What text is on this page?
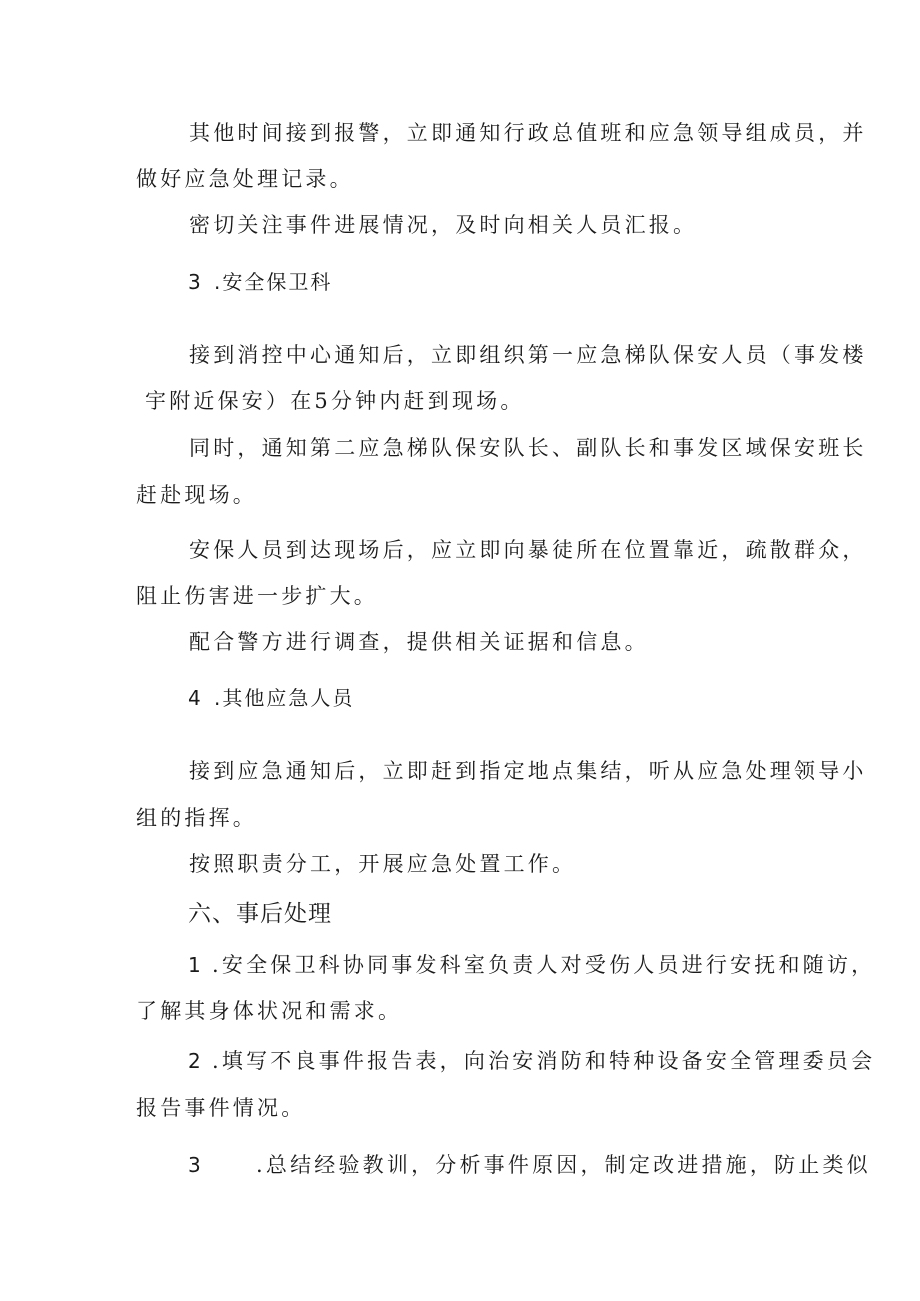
其他时间接到报警，立即通知行政总值班和应急领导组成员，并
做好应急处理记录。
密切关注事件进展情况，及时向相关人员汇报。
3 .安全保卫科
接到消控中心通知后，立即组织第一应急梯队保安人员（事发楼
宇附近保安）在5分钟内赶到现场。
同时，通知第二应急梯队保安队长、副队长和事发区域保安班长
赶赴现场。
安保人员到达现场后，应立即向暴徒所在位置靠近，疏散群众，
阻止伤害进一步扩大。
配合警方进行调查，提供相关证据和信息。
4 .其他应急人员
接到应急通知后，立即赶到指定地点集结，听从应急处理领导小
组的指挥。
按照职责分工，开展应急处置工作。
六、事后处理
1 .安全保卫科协同事发科室负责人对受伤人员进行安抚和随访，
了解其身体状况和需求。
2 .填写不良事件报告表，向治安消防和特种设备安全管理委员会
报告事件情况。
3	.总结经验教训，分析事件原因，制定改进措施，防止类似
